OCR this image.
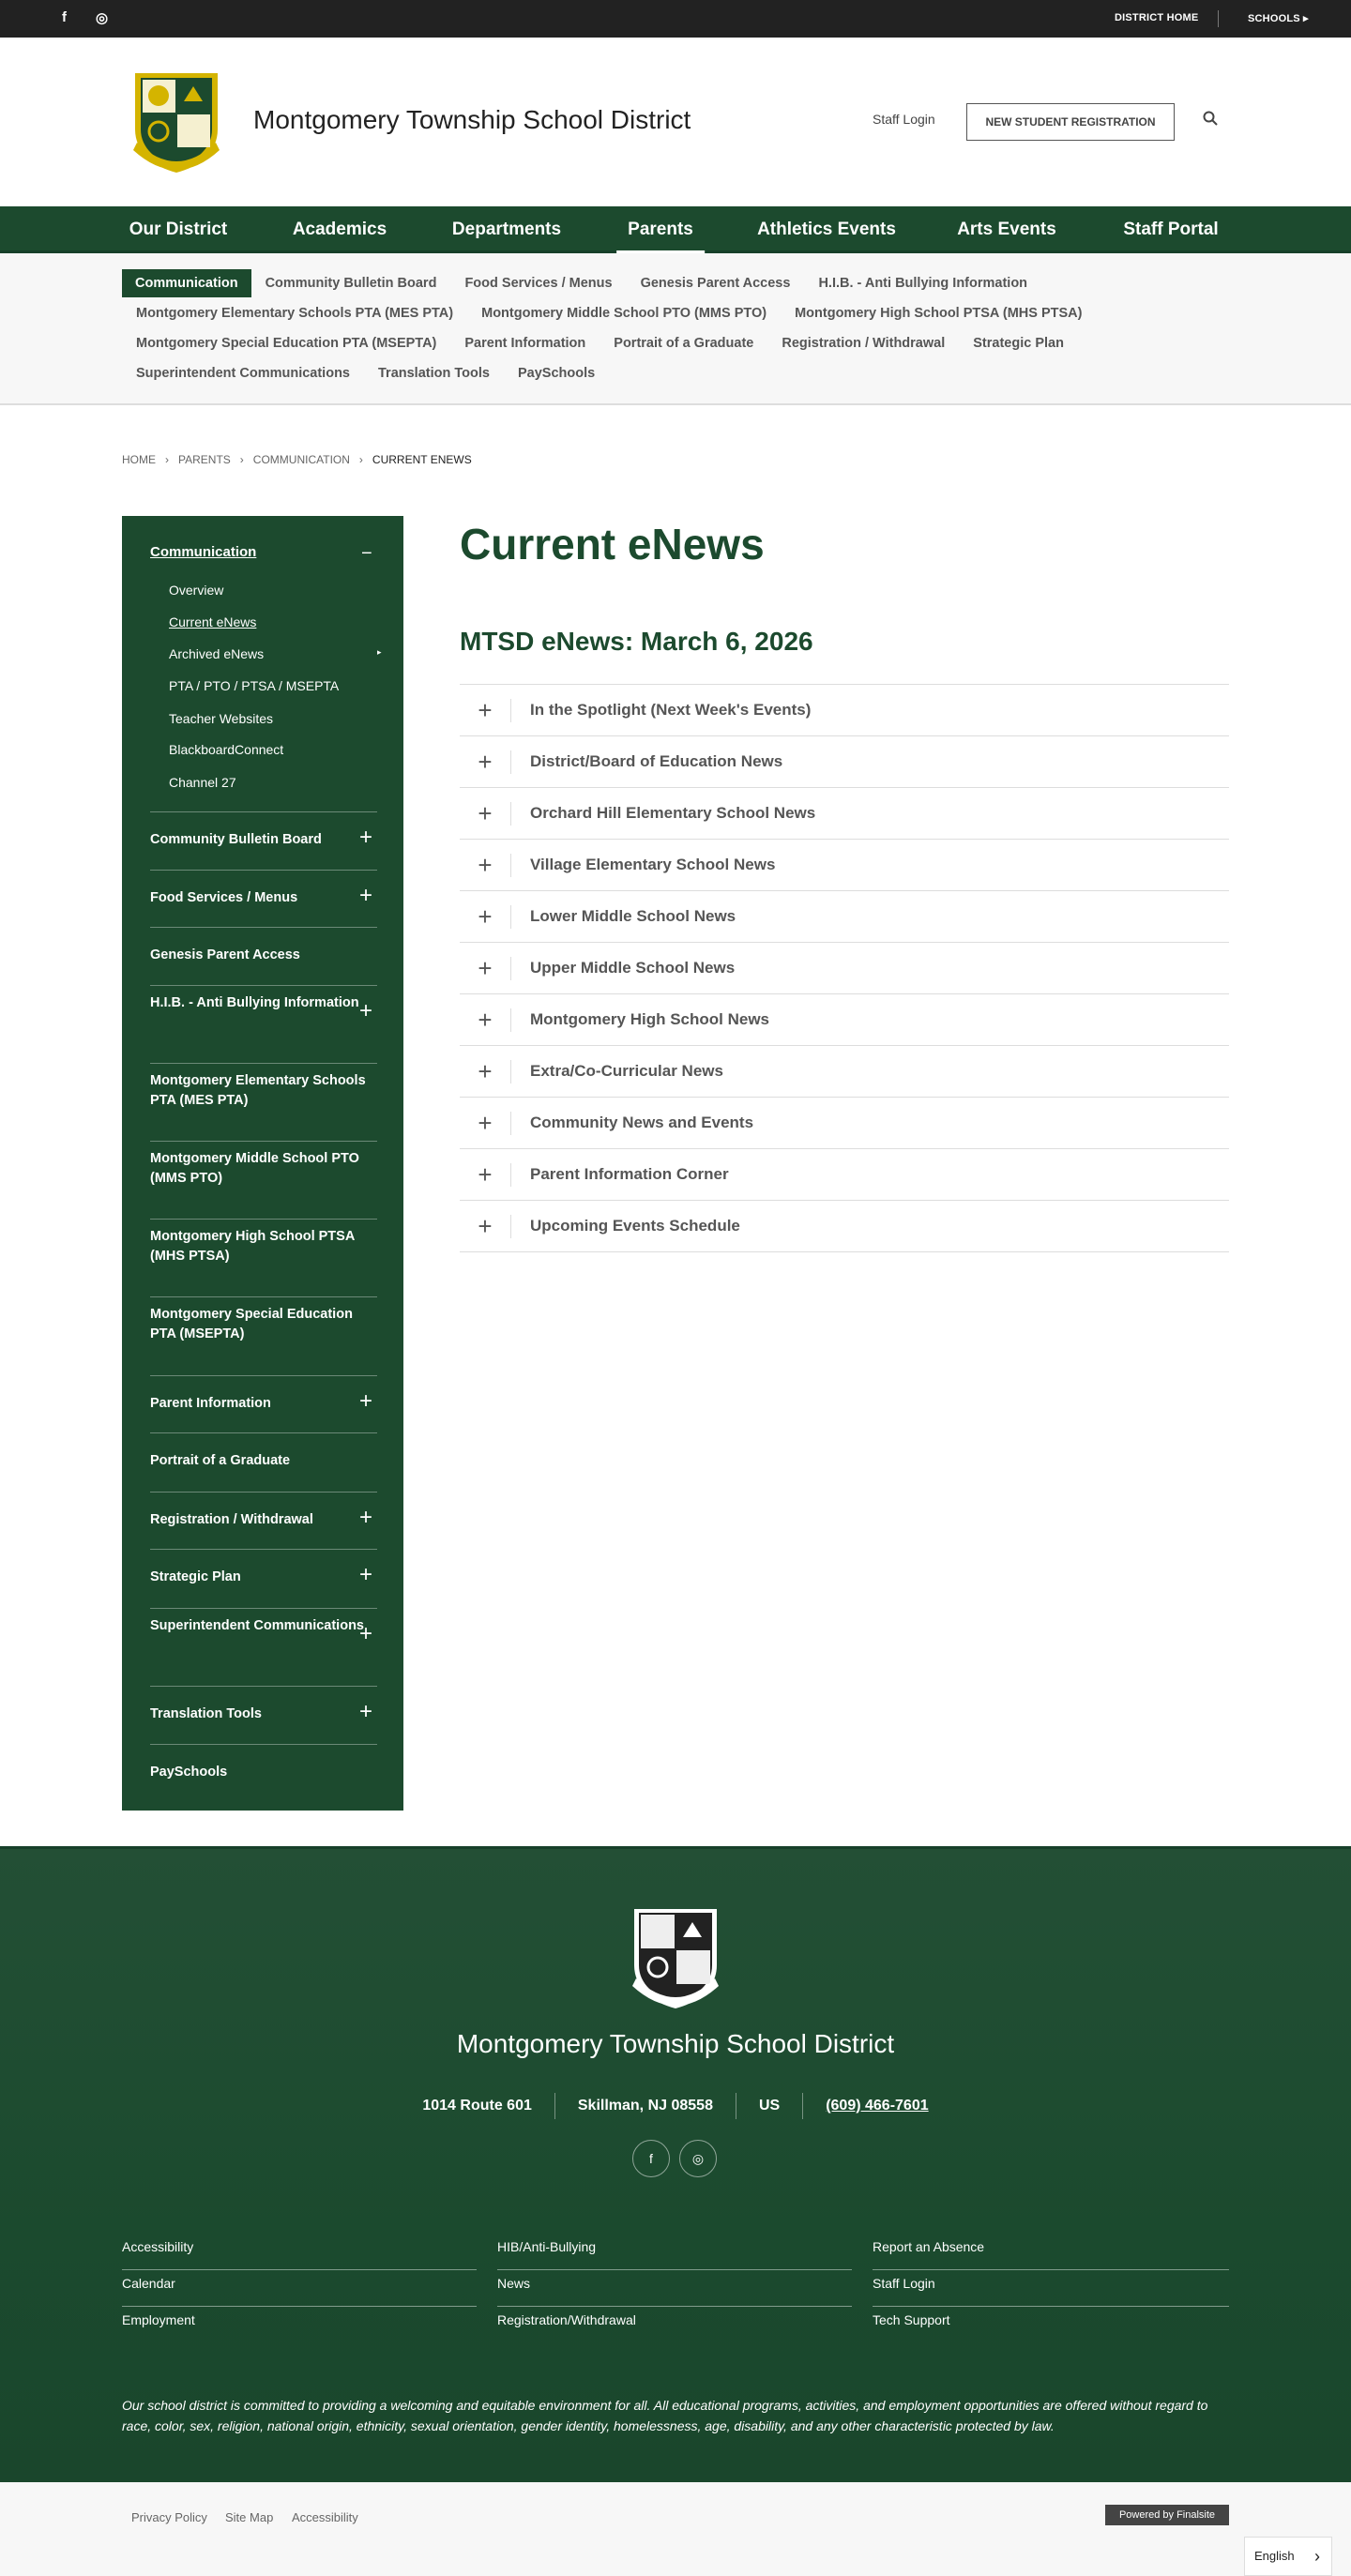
f ◎	DISTRICT HOME	SCHOOLS ▸
Montgomery Township School District	Staff Login	NEW STUDENT REGISTRATION
Our District	Academics	Departments	Parents	Athletics Events	Arts Events	Staff Portal
Communication	Community Bulletin Board	Food Services / Menus	Genesis Parent Access	H.I.B. - Anti Bullying Information
Montgomery Elementary Schools PTA (MES PTA)	Montgomery Middle School PTO (MMS PTO)	Montgomery High School PTSA (MHS PTSA)
Montgomery Special Education PTA (MSEPTA)	Parent Information	Portrait of a Graduate	Registration / Withdrawal	Strategic Plan
Superintendent Communications	Translation Tools	PaySchools
HOME › PARENTS › COMMUNICATION › CURRENT ENEWS
Communication	−
Overview
Current eNews
Archived eNews	▸
PTA / PTO / PTSA / MSEPTA
Teacher Websites
BlackboardConnect
Channel 27
Community Bulletin Board	+
Food Services / Menus	+
Genesis Parent Access
H.I.B. - Anti Bullying Information +
Montgomery Elementary Schools PTA (MES PTA)
Montgomery Middle School PTO (MMS PTO)
Montgomery High School PTSA (MHS PTSA)
Montgomery Special Education PTA (MSEPTA)
Parent Information	+
Portrait of a Graduate
Registration / Withdrawal	+
Strategic Plan	+
Superintendent Communications
+
Translation Tools	+
PaySchools
Current eNews
MTSD eNews: March 6, 2026
+	In the Spotlight (Next Week's Events)
+	District/Board of Education News
+	Orchard Hill Elementary School News
+	Village Elementary School News
+	Lower Middle School News
+	Upper Middle School News
+	Montgomery High School News
+	Extra/Co-Curricular News
+	Community News and Events
+	Parent Information Corner
+	Upcoming Events Schedule
Montgomery Township School District
1014 Route 601	Skillman, NJ 08558	US	(609) 466-7601
f	◎
Accessibility
Calendar
Employment
HIB/Anti-Bullying
News
Registration/Withdrawal
Report an Absence
Staff Login
Tech Support

Our school district is committed to providing a welcoming and equitable environment for all. All educational programs, activities, and employment opportunities are offered without regard to race, color, sex, religion, national origin, ethnicity, sexual orientation, gender identity, homelessness, age, disability, and any other characteristic protected by law.

Privacy Policy Site Map Accessibility	Powered by Finalsite
English ›
